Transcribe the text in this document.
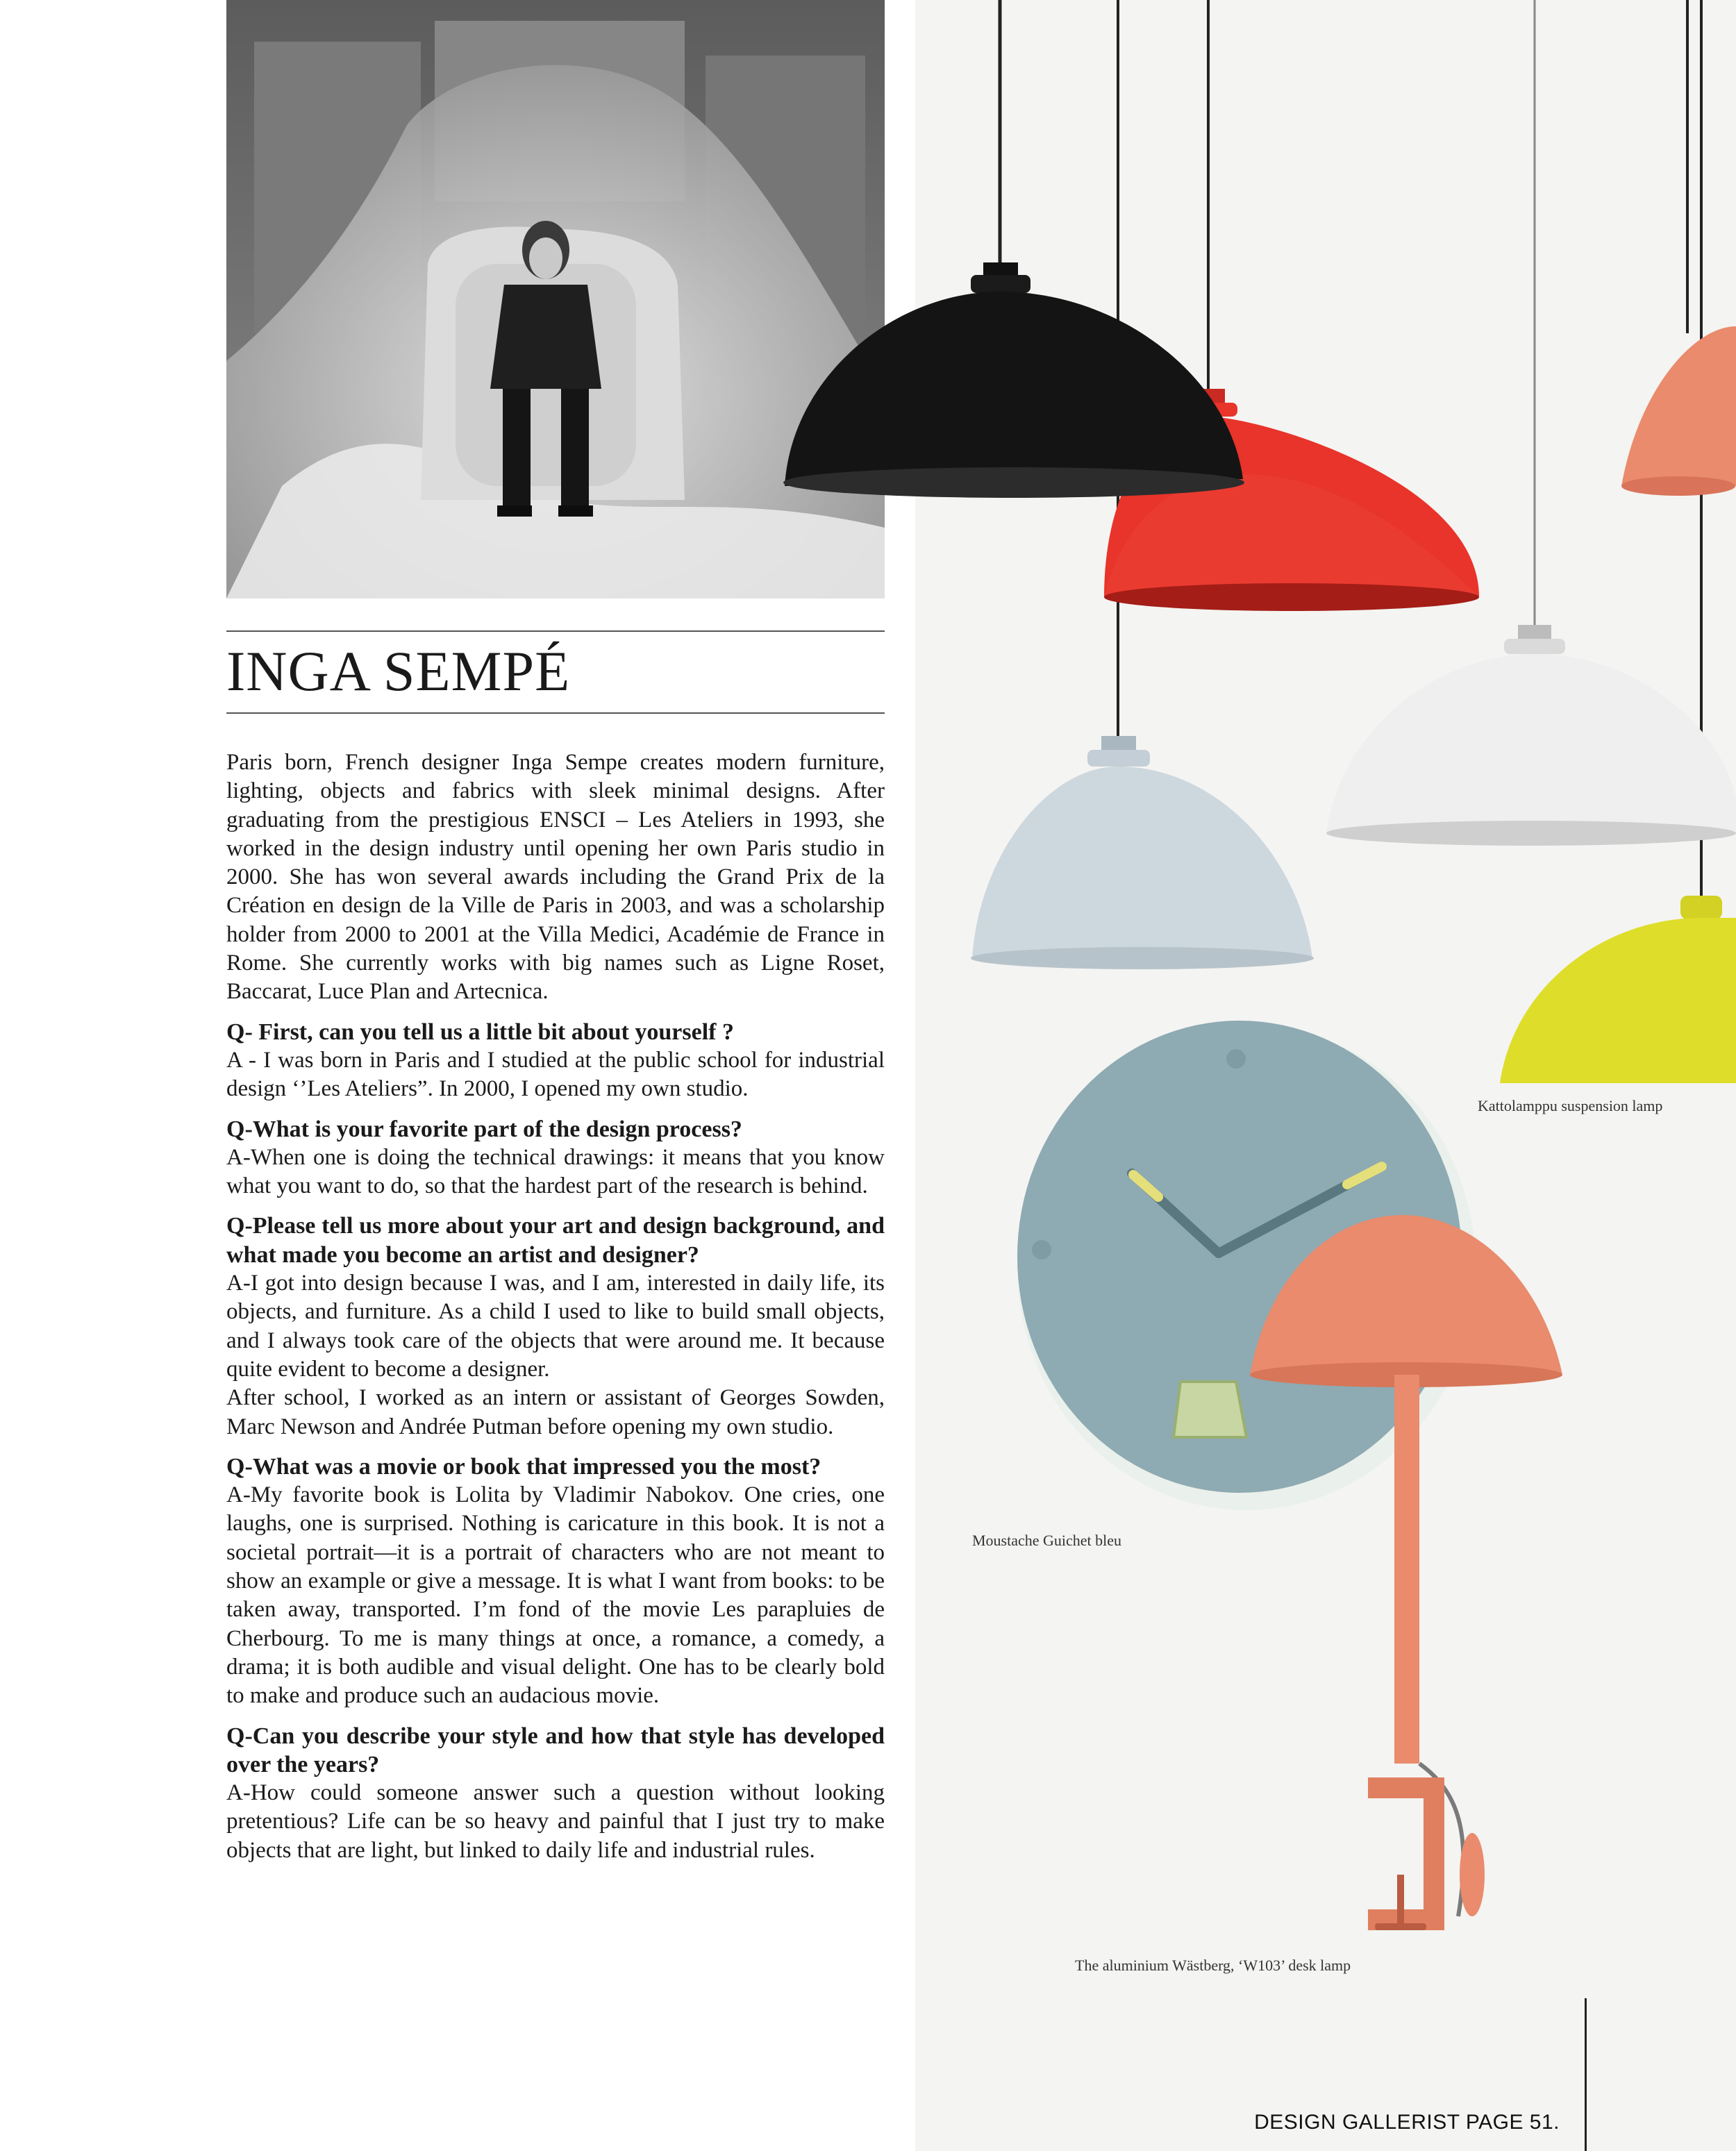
INGA SEMPÉ

Paris born, French designer Inga Sempe creates modern furniture, lighting, objects and fabrics with sleek minimal designs. After graduating from the prestigious ENSCI – Les Ateliers in 1993, she worked in the design industry until opening her own Paris studio in 2000. She has won several awards including the Grand Prix de la Création en design de la Ville de Paris in 2003, and was a scholarship holder from 2000 to 2001 at the Villa Medici, Académie de France in Rome. She currently works with big names such as Ligne Roset, Baccarat, Luce Plan and Artecnica.

Q- First, can you tell us a little bit about yourself ?

A - I was born in Paris and I studied at the public school for industrial design ‘’Les Ateliers”. In 2000, I opened my own studio.

Q-What is your favorite part of the design process?

A-When one is doing the technical drawings: it means that you know what you want to do, so that the hardest part of the research is behind.

Q-Please tell us more about your art and design background, and what made you become an artist and designer?

A-I got into design because I was, and I am, interested in daily life, its objects, and furniture. As a child I used to like to build small objects, and I always took care of the objects that were around me. It because quite evident to become a designer.

After school, I worked as an intern or assistant of Georges Sowden, Marc Newson and Andrée Putman before opening my own studio.

Q-What was a movie or book that impressed you the most?

A-My favorite book is Lolita by Vladimir Nabokov. One cries, one laughs, one is surprised. Nothing is caricature in this book. It is not a societal portrait—it is a portrait of characters who are not meant to show an example or give a message. It is what I want from books: to be taken away, transported. I’m fond of the movie Les parapluies de Cherbourg. To me is many things at once, a romance, a comedy, a drama; it is both audible and visual delight. One has to be clearly bold to make and produce such an audacious movie.

Q-Can you describe your style and how that style has developed over the years?

A-How could someone answer such a question without looking pretentious? Life can be so heavy and painful that I just try to make objects that are light, but linked to daily life and industrial rules.

Kattolamppu suspension lamp
Moustache Guichet bleu
The aluminium Wästberg, ‘W103’ desk lamp
DESIGN GALLERIST PAGE 51.
